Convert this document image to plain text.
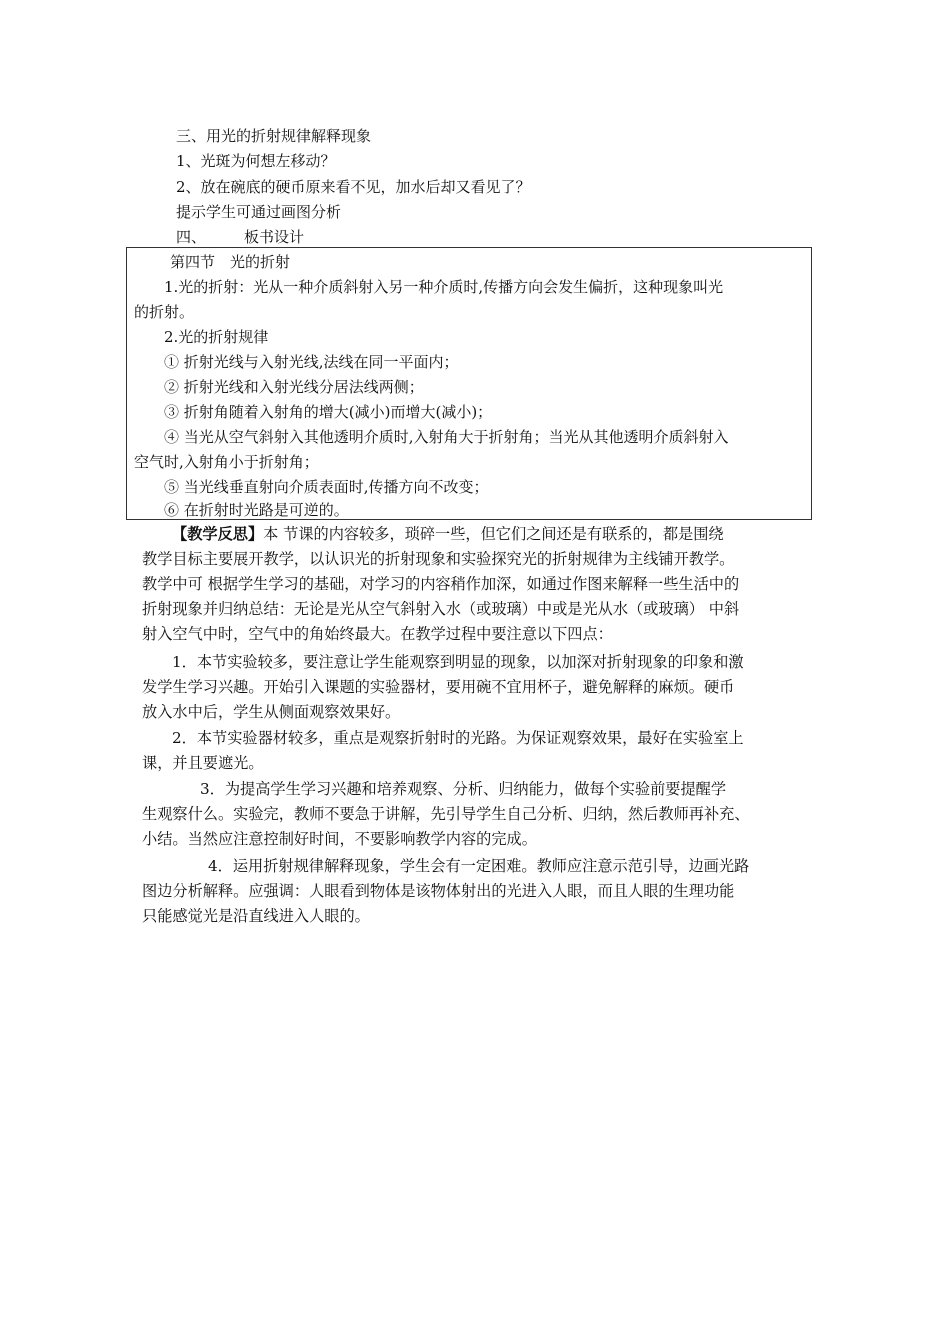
三、用光的折射规律解释现象
1、光斑为何想左移动？
2、放在碗底的硬币原来看不见，加水后却又看见了？
提示学生可通过画图分析
四、	板书设计
第四节　光的折射
1.光的折射：光从一种介质斜射入另一种介质时,传播方向会发生偏折，这种现象叫光
的折射。
2.光的折射规律
① 折射光线与入射光线,法线在同一平面内；
② 折射光线和入射光线分居法线两侧；
③ 折射角随着入射角的增大(减小)而增大(减小)；
④ 当光从空气斜射入其他透明介质时,入射角大于折射角；当光从其他透明介质斜射入
空气时,入射角小于折射角；
⑤ 当光线垂直射向介质表面时,传播方向不改变；
⑥ 在折射时光路是可逆的。
【教学反思】本 节课的内容较多，琐碎一些，但它们之间还是有联系的，都是围绕
教学目标主要展开教学，以认识光的折射现象和实验探究光的折射规律为主线铺开教学。
教学中可 根据学生学习的基础，对学习的内容稍作加深，如通过作图来解释一些生活中的
折射现象并归纳总结：无论是光从空气斜射入水（或玻璃）中或是光从水（或玻璃） 中斜
射入空气中时，空气中的角始终最大。在教学过程中要注意以下四点：
1．本节实验较多，要注意让学生能观察到明显的现象，以加深对折射现象的印象和激
发学生学习兴趣。开始引入课题的实验器材，要用碗不宜用杯子，避免解释的麻烦。硬币
放入水中后，学生从侧面观察效果好。
2．本节实验器材较多，重点是观察折射时的光路。为保证观察效果，最好在实验室上
课，并且要遮光。
3．为提高学生学习兴趣和培养观察、分析、归纳能力，做每个实验前要提醒学
生观察什么。实验完，教师不要急于讲解，先引导学生自己分析、归纳，然后教师再补充、
小结。当然应注意控制好时间，不要影响教学内容的完成。
4．运用折射规律解释现象，学生会有一定困难。教师应注意示范引导，边画光路
图边分析解释。应强调：人眼看到物体是该物体射出的光进入人眼，而且人眼的生理功能
只能感觉光是沿直线进入人眼的。
